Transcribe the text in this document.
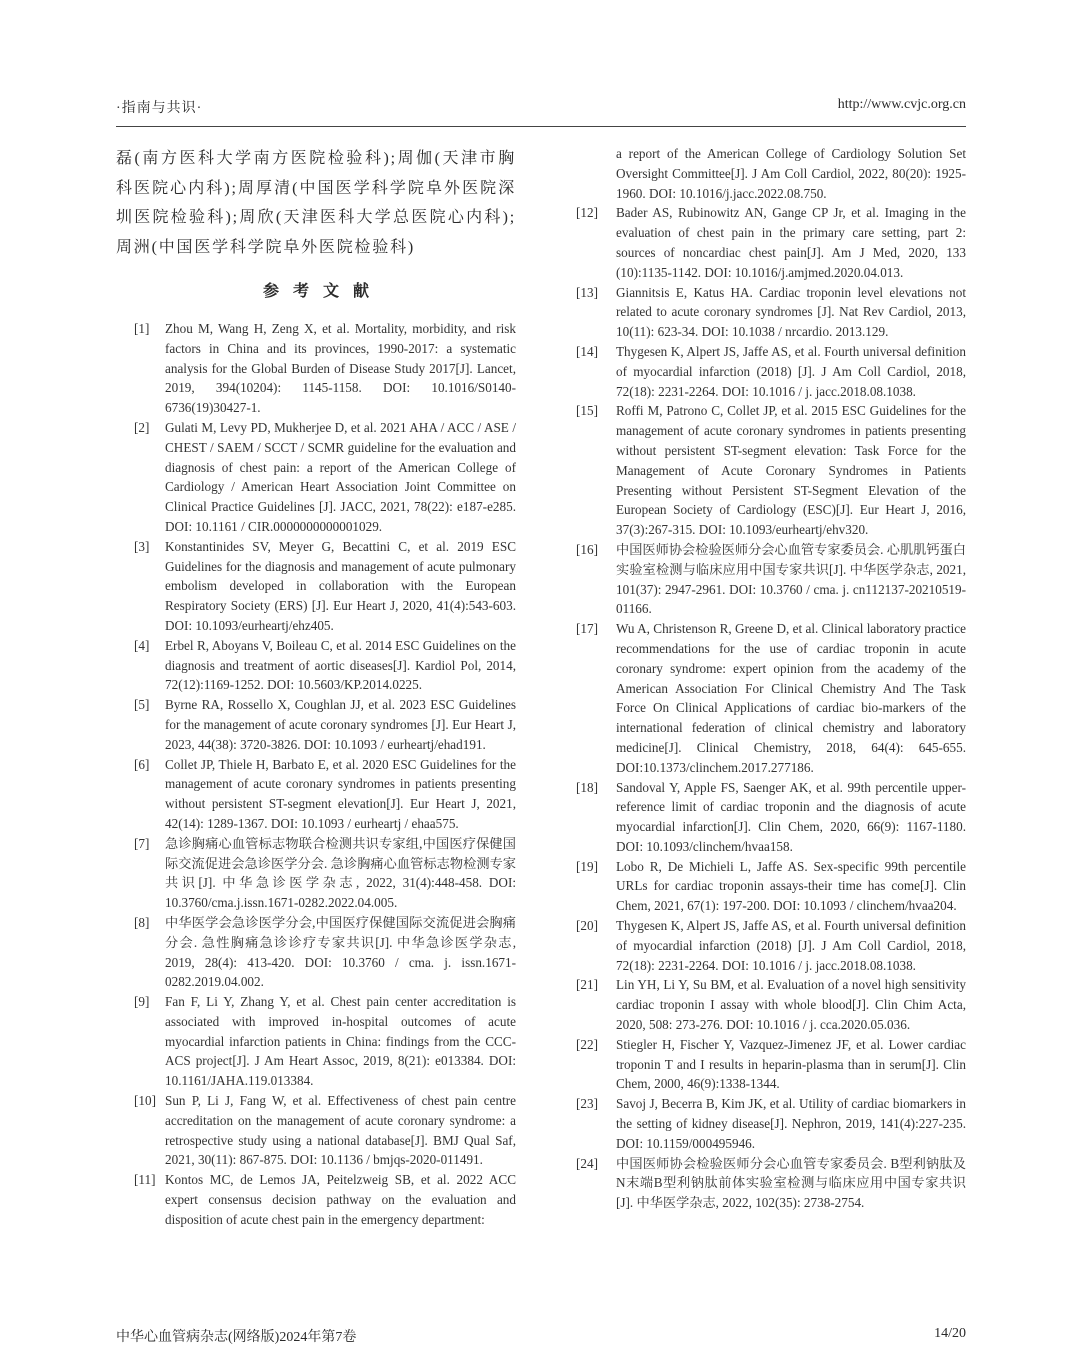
·指南与共识·	http://www.cvjc.org.cn

磊(南方医科大学南方医院检验科);周伽(天津市胸科医院心内科);周厚清(中国医学科学院阜外医院深圳医院检验科);周欣(天津医科大学总医院心内科);周洲(中国医学科学院阜外医院检验科)

参考文献
[1] Zhou M, Wang H, Zeng X, et al. Mortality, morbidity, and risk factors in China and its provinces, 1990-2017: a systematic analysis for the Global Burden of Disease Study 2017[J]. Lancet, 2019, 394(10204): 1145-1158. DOI: 10.1016/S0140-6736(19)30427-1.
[2] Gulati M, Levy PD, Mukherjee D, et al. 2021 AHA / ACC / ASE / CHEST / SAEM / SCCT / SCMR guideline for the evaluation and diagnosis of chest pain: a report of the American College of Cardiology / American Heart Association Joint Committee on Clinical Practice Guidelines [J]. JACC, 2021, 78(22): e187-e285. DOI: 10.1161 / CIR.0000000000001029.
[3] Konstantinides SV, Meyer G, Becattini C, et al. 2019 ESC Guidelines for the diagnosis and management of acute pulmonary embolism developed in collaboration with the European Respiratory Society (ERS) [J]. Eur Heart J, 2020, 41(4):543-603. DOI: 10.1093/eurheartj/ehz405.
[4] Erbel R, Aboyans V, Boileau C, et al. 2014 ESC Guidelines on the diagnosis and treatment of aortic diseases[J]. Kardiol Pol, 2014, 72(12):1169-1252. DOI: 10.5603/KP.2014.0225.
[5] Byrne RA, Rossello X, Coughlan JJ, et al. 2023 ESC Guidelines for the management of acute coronary syndromes [J]. Eur Heart J, 2023, 44(38): 3720-3826. DOI: 10.1093 / eurheartj/ehad191.
[6] Collet JP, Thiele H, Barbato E, et al. 2020 ESC Guidelines for the management of acute coronary syndromes in patients presenting without persistent ST-segment elevation[J]. Eur Heart J, 2021, 42(14): 1289-1367. DOI: 10.1093 / eurheartj / ehaa575.
[7] 急诊胸痛心血管标志物联合检测共识专家组,中国医疗保健国际交流促进会急诊医学分会. 急诊胸痛心血管标志物检测专家共识[J]. 中华急诊医学杂志, 2022, 31(4):448-458. DOI: 10.3760/cma.j.issn.1671-0282.2022.04.005.
[8] 中华医学会急诊医学分会,中国医疗保健国际交流促进会胸痛分会. 急性胸痛急诊诊疗专家共识[J]. 中华急诊医学杂志, 2019, 28(4): 413-420. DOI: 10.3760 / cma. j. issn.1671-0282.2019.04.002.
[9] Fan F, Li Y, Zhang Y, et al. Chest pain center accreditation is associated with improved in-hospital outcomes of acute myocardial infarction patients in China: findings from the CCC-ACS project[J]. J Am Heart Assoc, 2019, 8(21): e013384. DOI: 10.1161/JAHA.119.013384.
[10] Sun P, Li J, Fang W, et al. Effectiveness of chest pain centre accreditation on the management of acute coronary syndrome: a retrospective study using a national database[J]. BMJ Qual Saf, 2021, 30(11): 867-875. DOI: 10.1136 / bmjqs-2020-011491.
[11] Kontos MC, de Lemos JA, Peitelzweig SB, et al. 2022 ACC expert consensus decision pathway on the evaluation and disposition of acute chest pain in the emergency department:
a report of the American College of Cardiology Solution Set Oversight Committee[J]. J Am Coll Cardiol, 2022, 80(20): 1925-1960. DOI: 10.1016/j.jacc.2022.08.750.
[12] Bader AS, Rubinowitz AN, Gange CP Jr, et al. Imaging in the evaluation of chest pain in the primary care setting, part 2: sources of noncardiac chest pain[J]. Am J Med, 2020, 133 (10):1135-1142. DOI: 10.1016/j.amjmed.2020.04.013.
[13] Giannitsis E, Katus HA. Cardiac troponin level elevations not related to acute coronary syndromes [J]. Nat Rev Cardiol, 2013, 10(11): 623-34. DOI: 10.1038 / nrcardio. 2013.129.
[14] Thygesen K, Alpert JS, Jaffe AS, et al. Fourth universal definition of myocardial infarction (2018) [J]. J Am Coll Cardiol, 2018, 72(18): 2231-2264. DOI: 10.1016 / j. jacc.2018.08.1038.
[15] Roffi M, Patrono C, Collet JP, et al. 2015 ESC Guidelines for the management of acute coronary syndromes in patients presenting without persistent ST-segment elevation: Task Force for the Management of Acute Coronary Syndromes in Patients Presenting without Persistent ST-Segment Elevation of the European Society of Cardiology (ESC)[J]. Eur Heart J, 2016, 37(3):267-315. DOI: 10.1093/eurheartj/ehv320.
[16] 中国医师协会检验医师分会心血管专家委员会. 心肌肌钙蛋白实验室检测与临床应用中国专家共识[J]. 中华医学杂志, 2021, 101(37): 2947-2961. DOI: 10.3760 / cma. j. cn112137-20210519-01166.
[17] Wu A, Christenson R, Greene D, et al. Clinical laboratory practice recommendations for the use of cardiac troponin in acute coronary syndrome: expert opinion from the academy of the American Association For Clinical Chemistry And The Task Force On Clinical Applications of cardiac bio-markers of the international federation of clinical chemistry and laboratory medicine[J]. Clinical Chemistry, 2018, 64(4): 645-655. DOI:10.1373/clinchem.2017.277186.
[18] Sandoval Y, Apple FS, Saenger AK, et al. 99th percentile upper-reference limit of cardiac troponin and the diagnosis of acute myocardial infarction[J]. Clin Chem, 2020, 66(9): 1167-1180. DOI: 10.1093/clinchem/hvaa158.
[19] Lobo R, De Michieli L, Jaffe AS. Sex-specific 99th percentile URLs for cardiac troponin assays-their time has come[J]. Clin Chem, 2021, 67(1): 197-200. DOI: 10.1093 / clinchem/hvaa204.
[20] Thygesen K, Alpert JS, Jaffe AS, et al. Fourth universal definition of myocardial infarction (2018) [J]. J Am Coll Cardiol, 2018, 72(18): 2231-2264. DOI: 10.1016 / j. jacc.2018.08.1038.
[21] Lin YH, Li Y, Su BM, et al. Evaluation of a novel high sensitivity cardiac troponin I assay with whole blood[J]. Clin Chim Acta, 2020, 508: 273-276. DOI: 10.1016 / j. cca.2020.05.036.
[22] Stiegler H, Fischer Y, Vazquez-Jimenez JF, et al. Lower cardiac troponin T and I results in heparin-plasma than in serum[J]. Clin Chem, 2000, 46(9):1338-1344.
[23] Savoj J, Becerra B, Kim JK, et al. Utility of cardiac biomarkers in the setting of kidney disease[J]. Nephron, 2019, 141(4):227-235. DOI: 10.1159/000495946.
[24] 中国医师协会检验医师分会心血管专家委员会. B型利钠肽及N末端B型利钠肽前体实验室检测与临床应用中国专家共识[J]. 中华医学杂志, 2022, 102(35): 2738-2754.
中华心血管病杂志(网络版)2024年第7卷	14/20
